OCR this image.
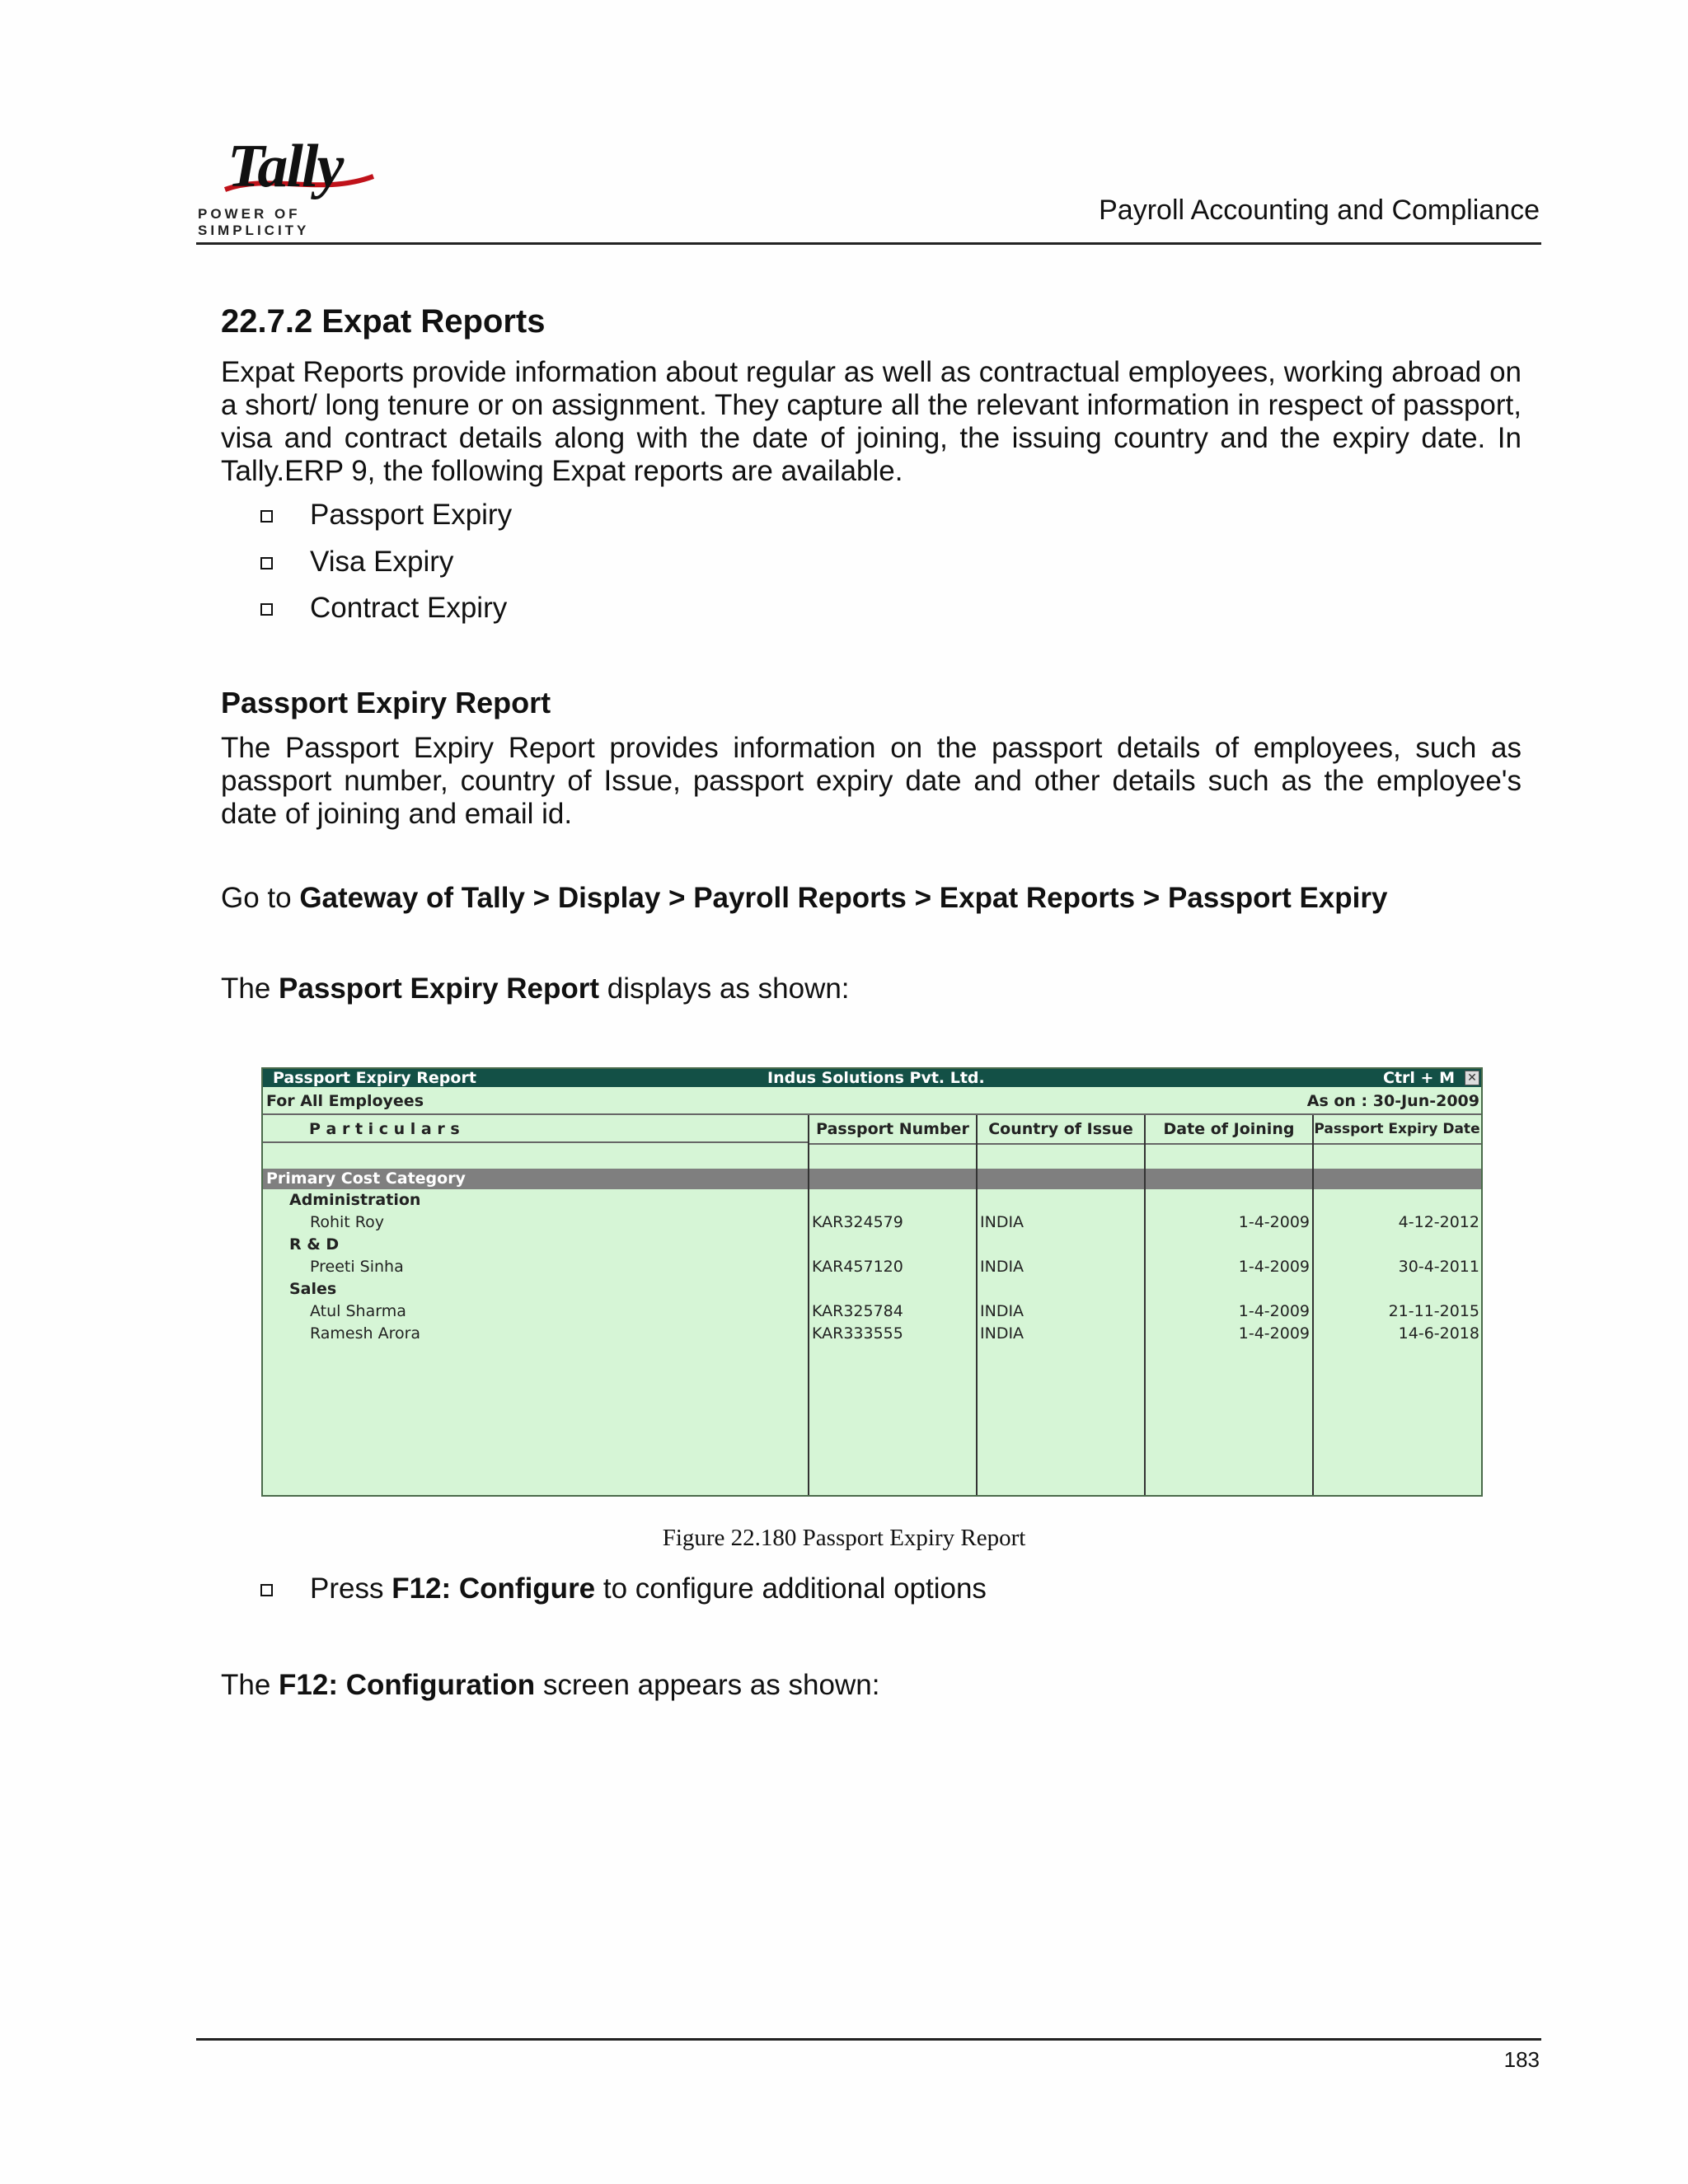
Tally
POWER OF SIMPLICITY
Payroll Accounting and Compliance
22.7.2 Expat Reports
Expat Reports provide information about regular as well as contractual employees, working abroad on a short/ long tenure or on assignment. They capture all the relevant information in respect of passport, visa and contract details along with the date of joining, the issuing country and the expiry date. In Tally.ERP 9, the following Expat reports are available.
Passport Expiry
Visa Expiry
Contract Expiry
Passport Expiry Report
The Passport Expiry Report provides information on the passport details of employees, such as passport number, country of Issue, passport expiry date and other details such as the employee's date of joining and email id.
Go to Gateway of Tally > Display > Payroll Reports > Expat Reports > Passport Expiry
The Passport Expiry Report displays as shown:
Passport Expiry Report	Indus Solutions Pvt. Ltd.	Ctrl + M ✕
For All Employees	As on : 30-Jun-2009
P a r t i c u l a r s	Passport Number	Country of Issue	Date of Joining	Passport Expiry Date
Primary Cost Category
Administration
Rohit Roy	KAR324579	INDIA	1-4-2009	4-12-2012
R & D
Preeti Sinha	KAR457120	INDIA	1-4-2009	30-4-2011
Sales
Atul Sharma	KAR325784	INDIA	1-4-2009	21-11-2015
Ramesh Arora	KAR333555	INDIA	1-4-2009	14-6-2018
Figure 22.180 Passport Expiry Report
Press F12: Configure to configure additional options
The F12: Configuration screen appears as shown:
183
